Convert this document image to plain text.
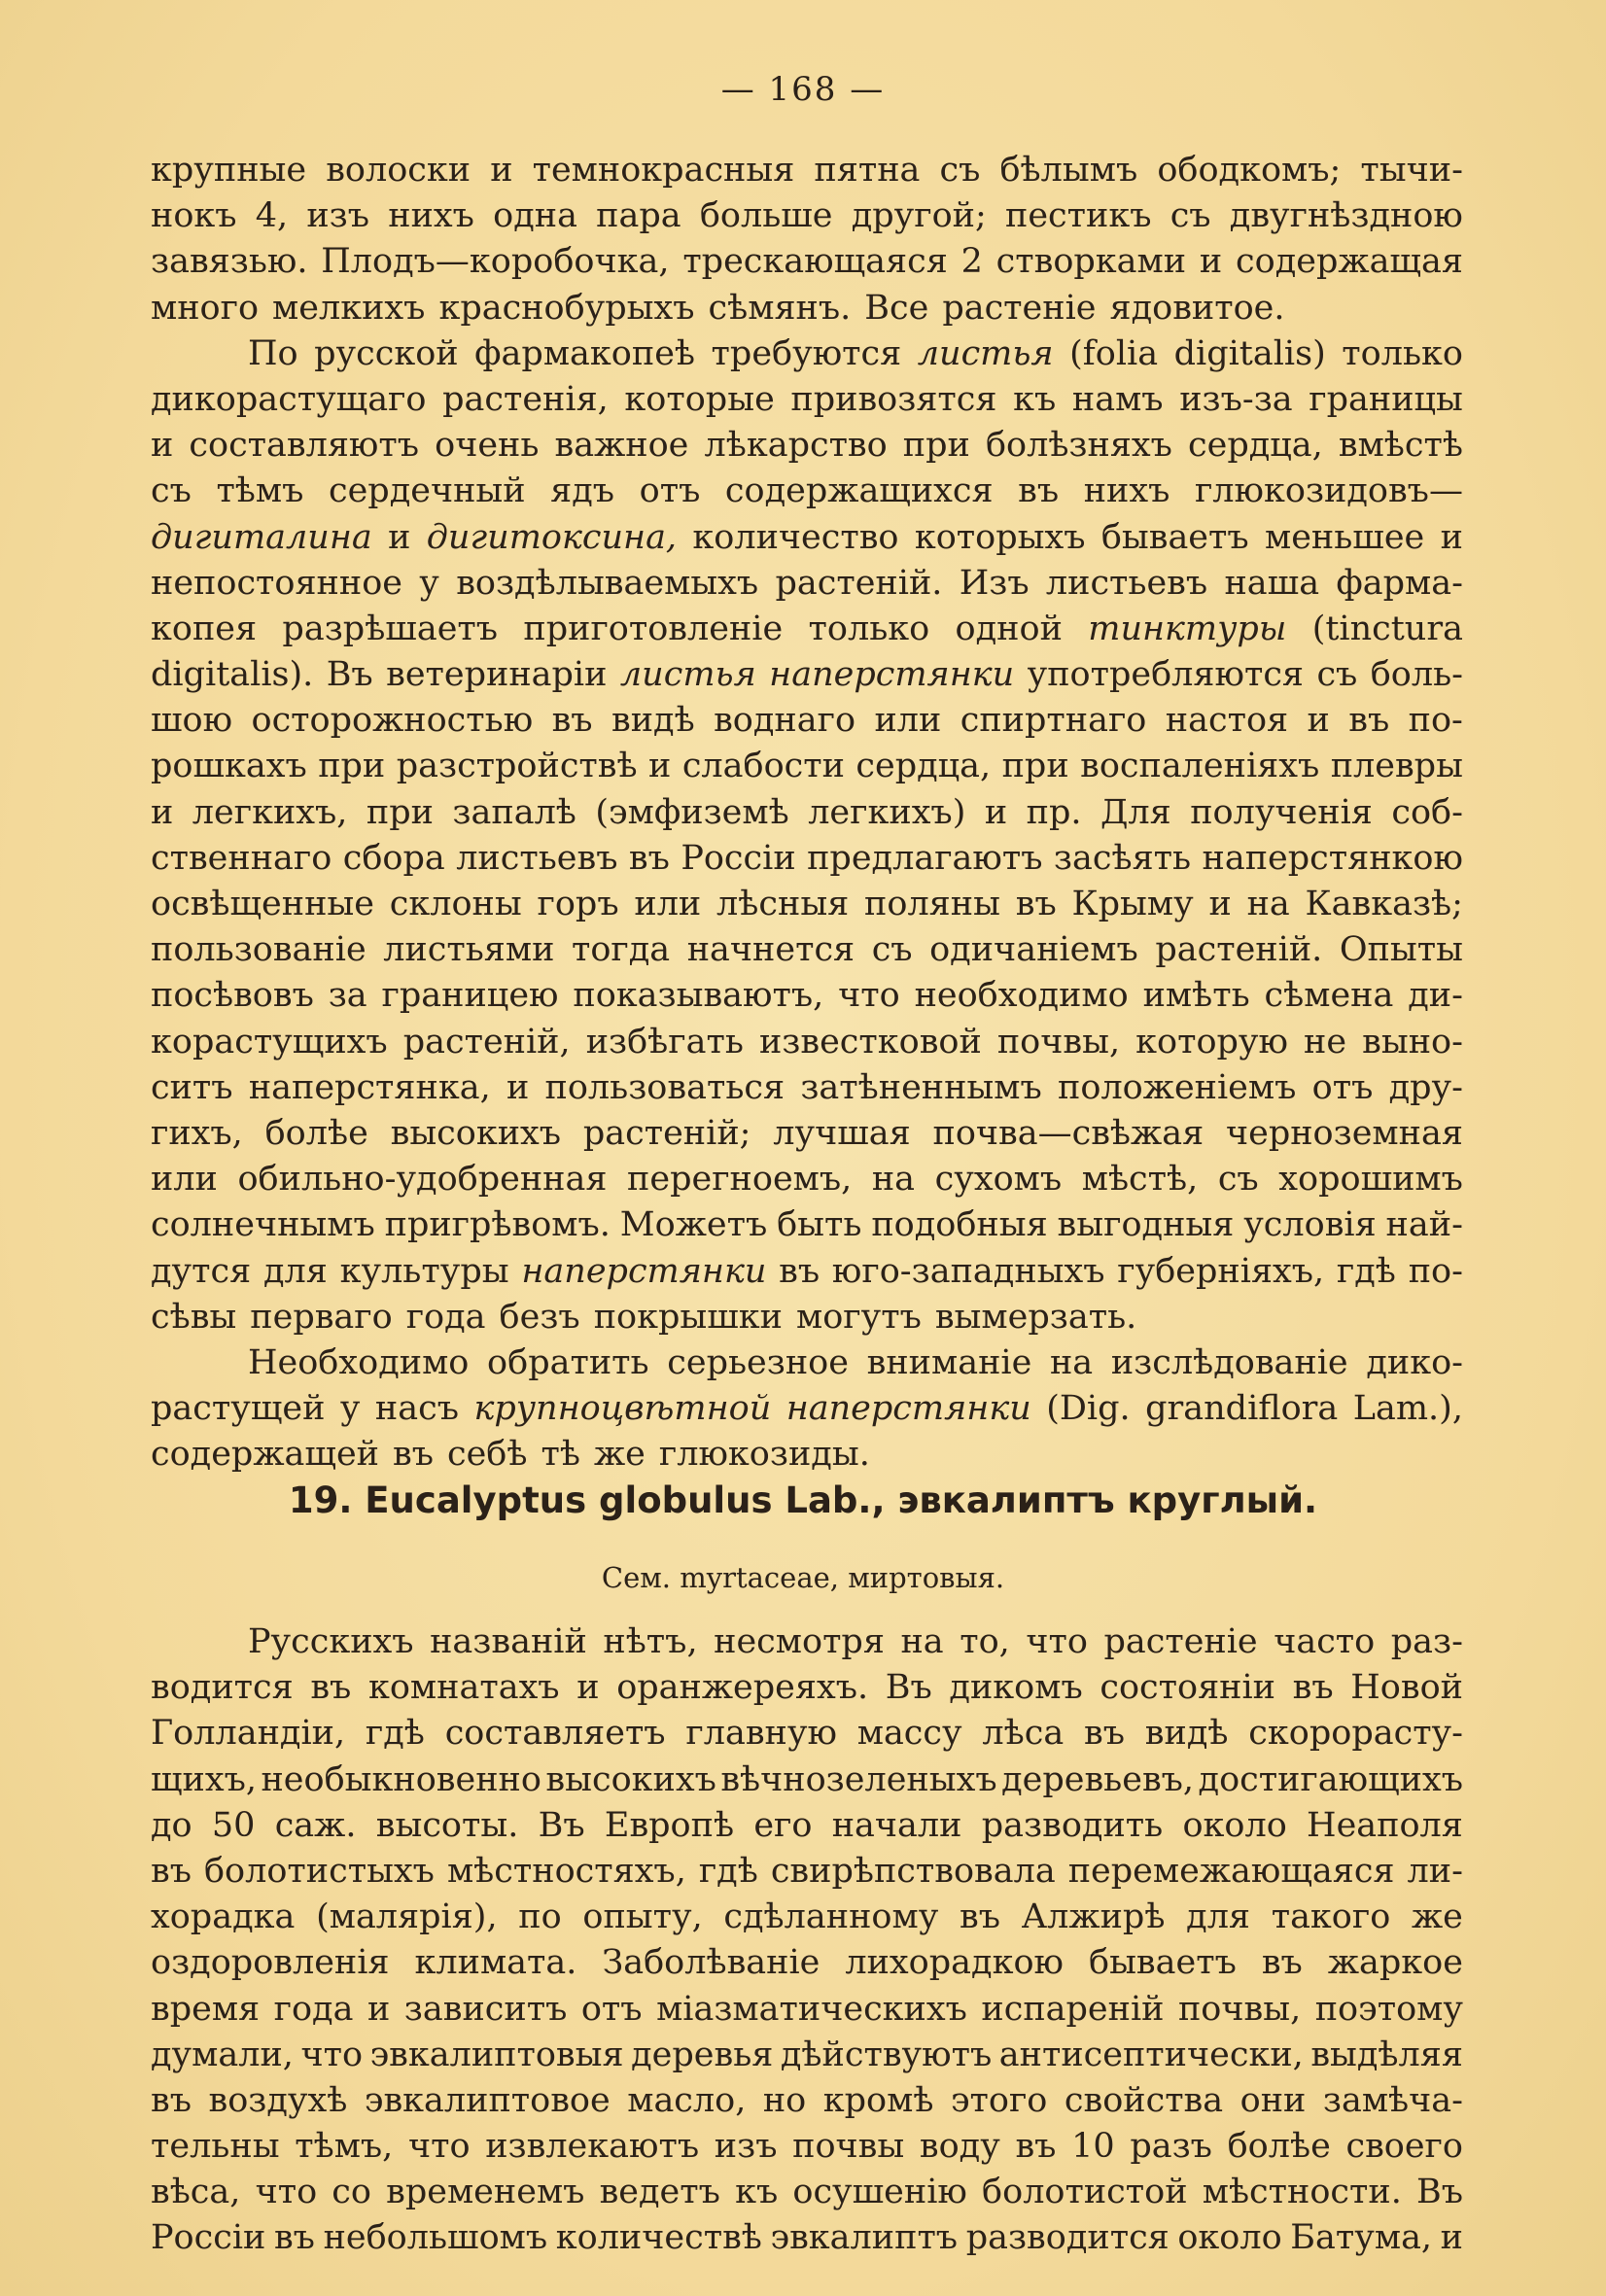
— 168 —
крупные волоски и темнокрасныя пятна съ бѣлымъ ободкомъ; тычи-
нокъ 4, изъ нихъ одна пара больше другой; пестикъ съ двугнѣздною
завязью. Плодъ—коробочка, трескающаяся 2 створками и содержащая
много мелкихъ краснобурыхъ сѣмянъ. Все растеніе ядовитое.
По русской фармакопеѣ требуются листья (folia digitalis) только
дикорастущаго растенія, которые привозятся къ намъ изъ-за границы
и составляютъ очень важное лѣкарство при болѣзняхъ сердца, вмѣстѣ
съ тѣмъ сердечный ядъ отъ содержащихся въ нихъ глюкозидовъ—
дигиталина и дигитоксина, количество которыхъ бываетъ меньшее и
непостоянное у воздѣлываемыхъ растеній. Изъ листьевъ наша фарма-
копея разрѣшаетъ приготовленіе только одной тинктуры (tinctura
digitalis). Въ ветеринаріи листья наперстянки употребляются съ боль-
шою осторожностью въ видѣ воднаго или спиртнаго настоя и въ по-
рошкахъ при разстройствѣ и слабости сердца, при воспаленіяхъ плевры
и легкихъ, при запалѣ (эмфиземѣ легкихъ) и пр. Для полученія соб-
ственнаго сбора листьевъ въ Россіи предлагаютъ засѣять наперстянкою
освѣщенные склоны горъ или лѣсныя поляны въ Крыму и на Кавказѣ;
пользованіе листьями тогда начнется съ одичаніемъ растеній. Опыты
посѣвовъ за границею показываютъ, что необходимо имѣть сѣмена ди-
корастущихъ растеній, избѣгать известковой почвы, которую не выно-
ситъ наперстянка, и пользоваться затѣненнымъ положеніемъ отъ дру-
гихъ, болѣе высокихъ растеній; лучшая почва—свѣжая черноземная
или обильно-удобренная перегноемъ, на сухомъ мѣстѣ, съ хорошимъ
солнечнымъ пригрѣвомъ. Можетъ быть подобныя выгодныя условія най-
дутся для культуры наперстянки въ юго-западныхъ губерніяхъ, гдѣ по-
сѣвы перваго года безъ покрышки могутъ вымерзать.
Необходимо обратить серьезное вниманіе на изслѣдованіе дико-
растущей у насъ крупноцвѣтной наперстянки (Dig. grandiflora Lam.),
содержащей въ себѣ тѣ же глюкозиды.
19. Eucalyptus globulus Lab., эвкалиптъ круглый.
Сем. myrtaceae, миртовыя.
Русскихъ названій нѣтъ, несмотря на то, что растеніе часто раз-
водится въ комнатахъ и оранжереяхъ. Въ дикомъ состояніи въ Новой
Голландіи, гдѣ составляетъ главную массу лѣса въ видѣ скорорасту-
щихъ, необыкновенно высокихъ вѣчнозеленыхъ деревьевъ, достигающихъ
до 50 саж. высоты. Въ Европѣ его начали разводить около Неаполя
въ болотистыхъ мѣстностяхъ, гдѣ свирѣпствовала перемежающаяся ли-
хорадка (малярія), по опыту, сдѣланному въ Алжирѣ для такого же
оздоровленія климата. Заболѣваніе лихорадкою бываетъ въ жаркое
время года и зависитъ отъ міазматическихъ испареній почвы, поэтому
думали, что эвкалиптовыя деревья дѣйствуютъ антисептически, выдѣляя
въ воздухѣ эвкалиптовое масло, но кромѣ этого свойства они замѣча-
тельны тѣмъ, что извлекаютъ изъ почвы воду въ 10 разъ болѣе своего
вѣса, что со временемъ ведетъ къ осушенію болотистой мѣстности. Въ
Россіи въ небольшомъ количествѣ эвкалиптъ разводится около Батума, и
